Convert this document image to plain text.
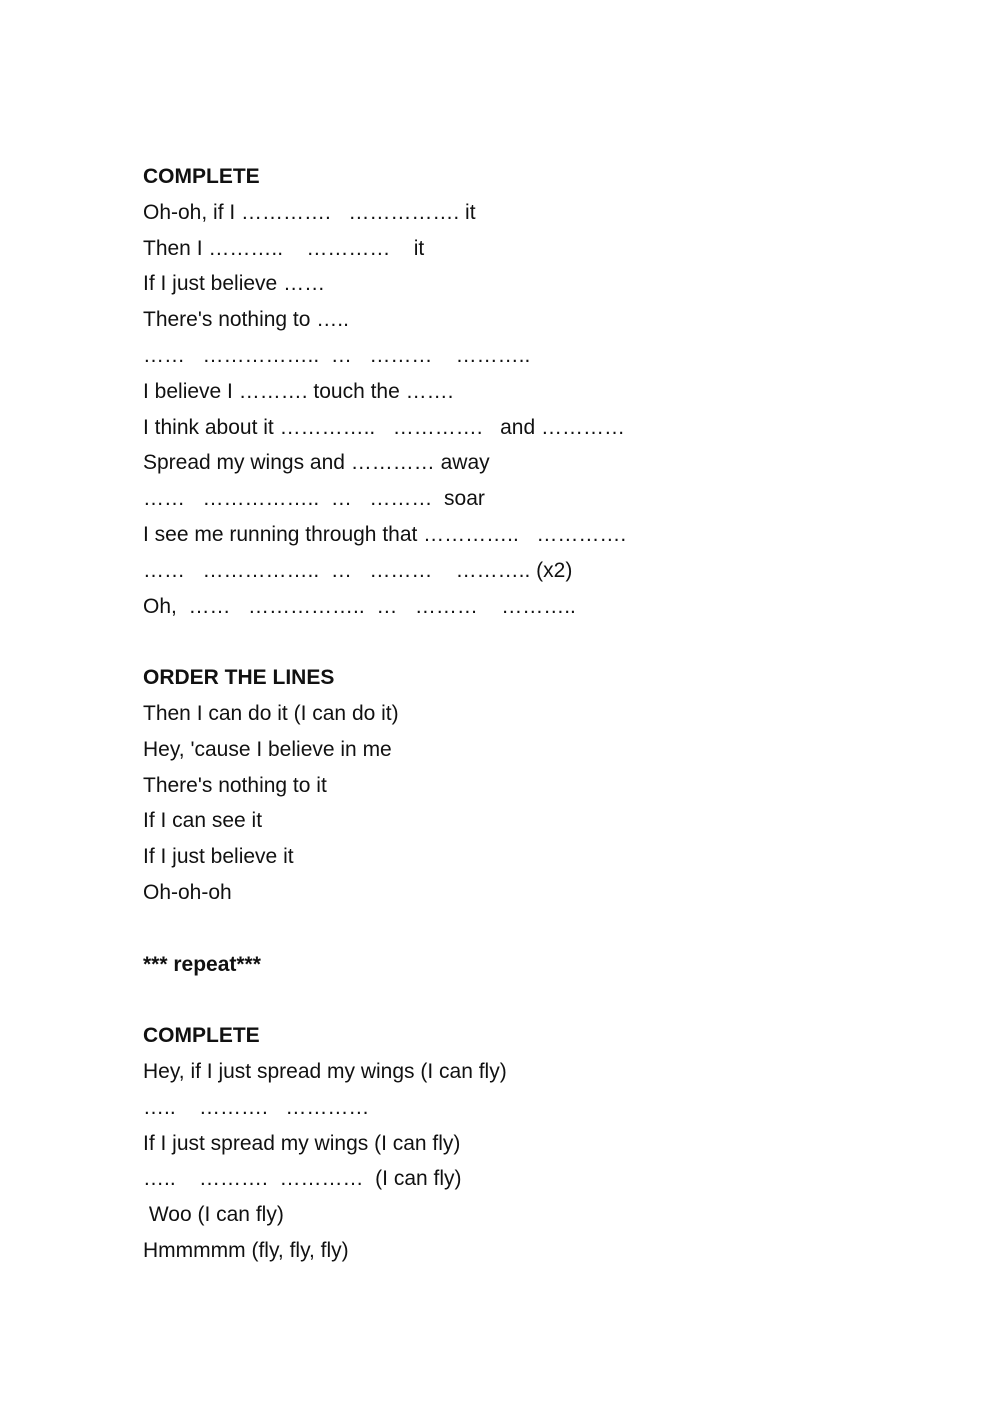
COMPLETE
Oh-oh, if I ………….   ……………. it
Then I ………..    …………    it
If I just believe ……
There's nothing to …..
……   ……………..  …   ………    ………..
I believe I ………. touch the …….
I think about it …………..   ………….   and …………
Spread my wings and ………… away
……   ……………..  …   ………  soar
I see me running through that …………..   ………….
……   ……………..  …   ………    ……….. (x2)
Oh,  ……   ……………..  …   ………    ………..
ORDER THE LINES
Then I can do it (I can do it)
Hey, 'cause I believe in me
There's nothing to it
If I can see it
If I just believe it
Oh-oh-oh
*** repeat***
COMPLETE
Hey, if I just spread my wings (I can fly)
…..    ……….   …………
If I just spread my wings (I can fly)
…..    ……….  …………  (I can fly)
Woo (I can fly)
Hmmmmm (fly, fly, fly)
